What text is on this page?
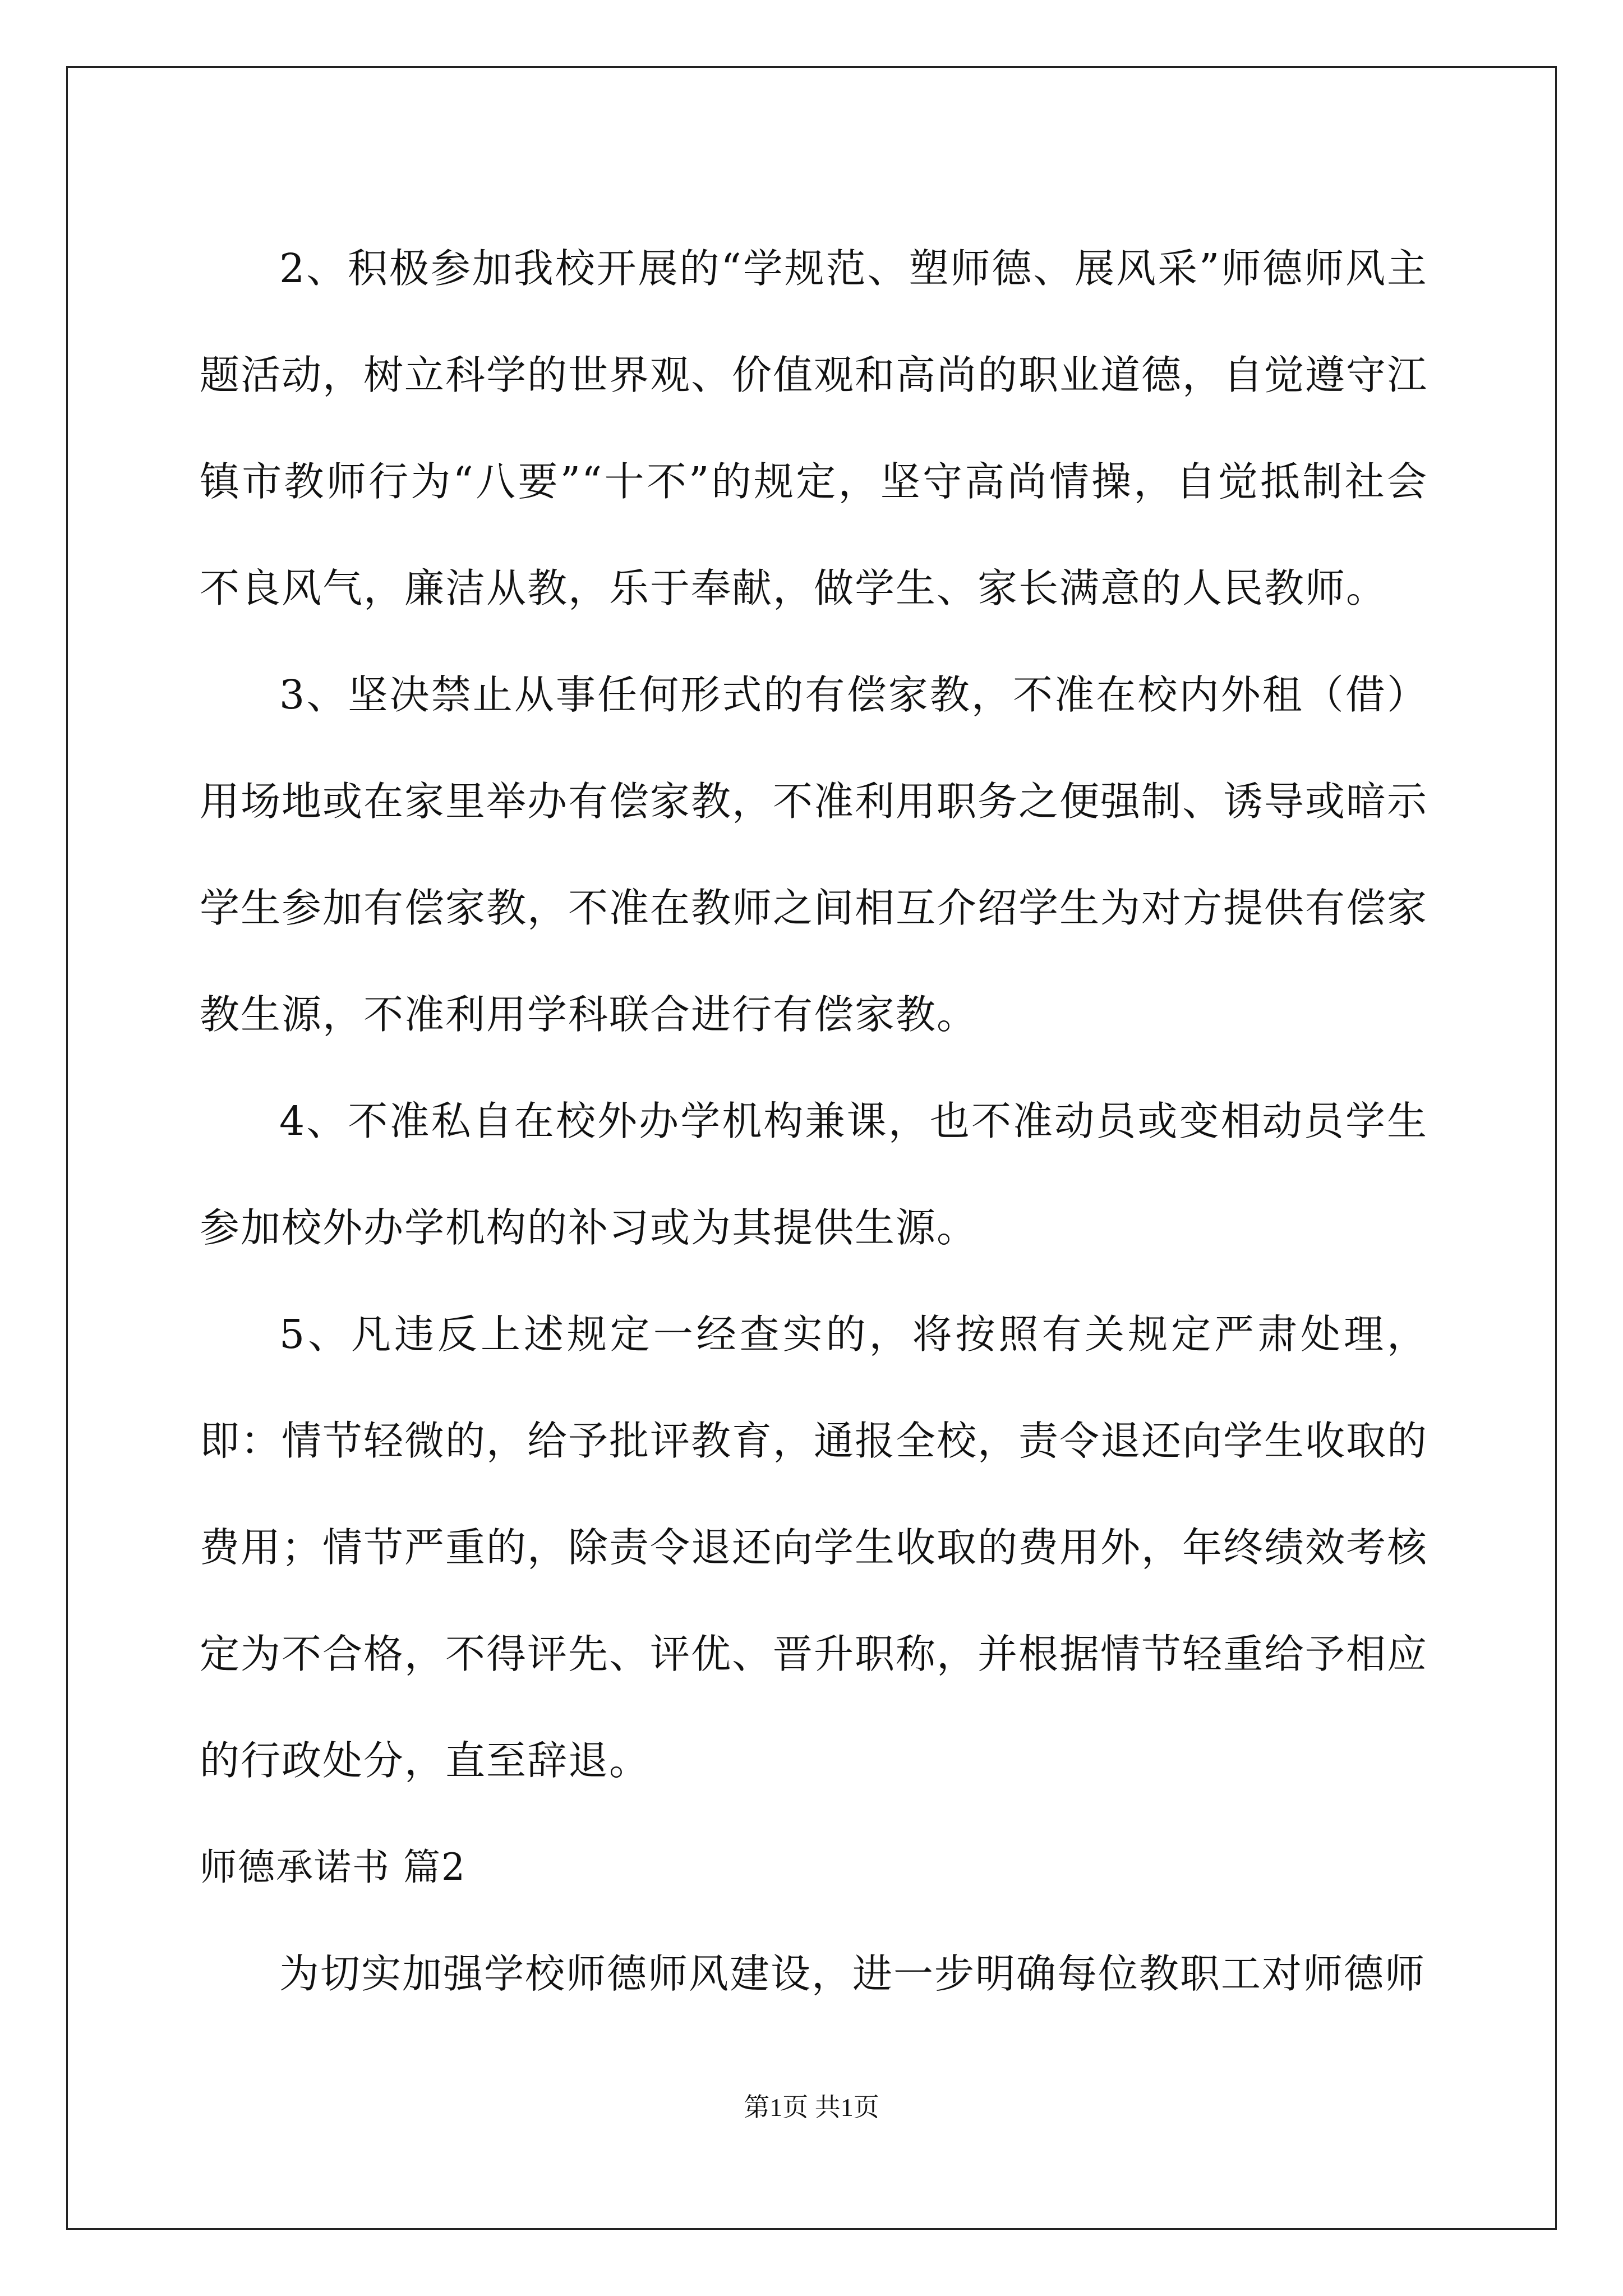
2、积极参加我校开展的“学规范、塑师德、展风采”师德师风主题活动，树立科学的世界观、价值观和高尚的职业道德，自觉遵守江镇市教师行为“八要”“十不”的规定，坚守高尚情操，自觉抵制社会不良风气，廉洁从教，乐于奉献，做学生、家长满意的人民教师。

3、坚决禁止从事任何形式的有偿家教，不准在校内外租（借）用场地或在家里举办有偿家教，不准利用职务之便强制、诱导或暗示学生参加有偿家教，不准在教师之间相互介绍学生为对方提供有偿家教生源，不准利用学科联合进行有偿家教。

4、不准私自在校外办学机构兼课，也不准动员或变相动员学生参加校外办学机构的补习或为其提供生源。

5、凡违反上述规定一经查实的，将按照有关规定严肃处理，即：情节轻微的，给予批评教育，通报全校，责令退还向学生收取的费用；情节严重的，除责令退还向学生收取的费用外，年终绩效考核定为不合格，不得评先、评优、晋升职称，并根据情节轻重给予相应的行政处分，直至辞退。

师德承诺书 篇2

为切实加强学校师德师风建设，进一步明确每位教职工对师德师

第1页 共1页
